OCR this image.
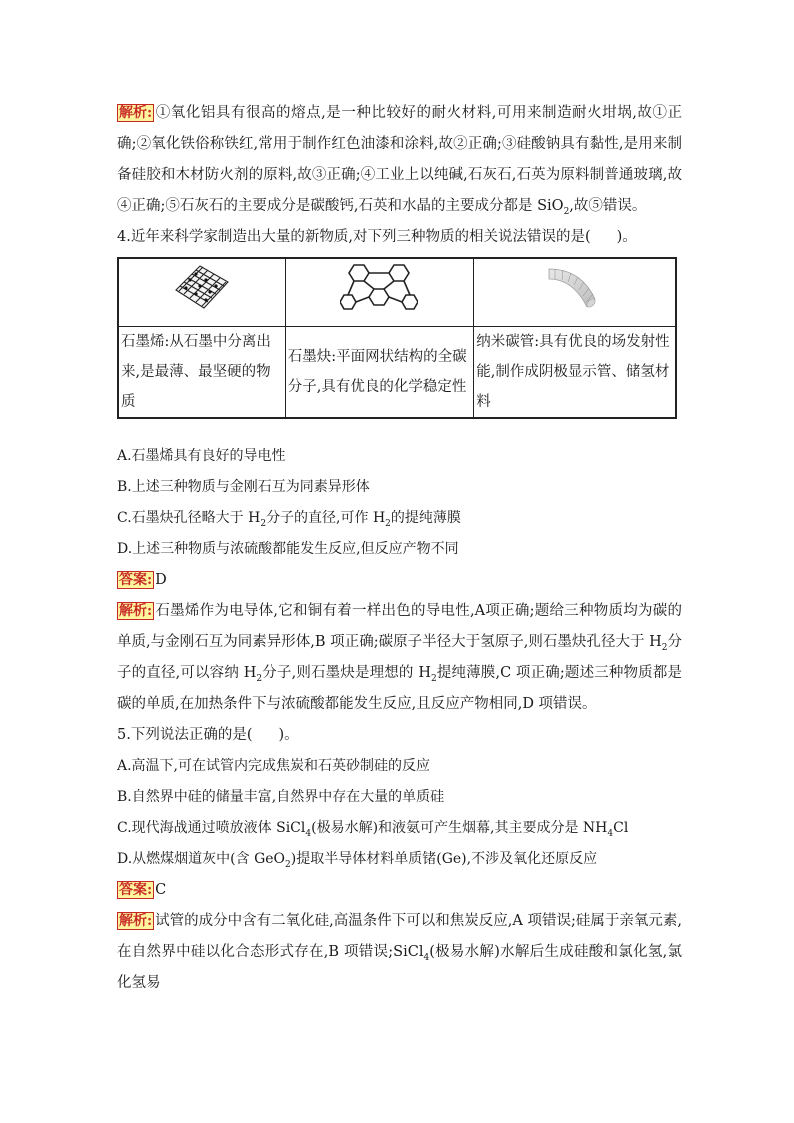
解析: ①氧化铝具有很高的熔点,是一种比较好的耐火材料,可用来制造耐火坩埚,故①正确;②氧化铁俗称铁红,常用于制作红色油漆和涂料,故②正确;③硅酸钠具有黏性,是用来制备硅胶和木材防火剂的原料,故③正确;④工业上以纯碱,石灰石,石英为原料制普通玻璃,故④正确;⑤石灰石的主要成分是碳酸钙,石英和水晶的主要成分都是 SiO$_2$,故⑤错误。

4.近年来科学家制造出大量的新物质,对下列三种物质的相关说法错误的是( )。

石墨烯:从石墨中分离出来,是最薄、最坚硬的物质	石墨炔:平面网状结构的全碳分子,具有优良的化学稳定性	纳米碳管:具有优良的场发射性能,制作成阴极显示管、储氢材料

A.石墨烯具有良好的导电性

B.上述三种物质与金刚石互为同素异形体

C.石墨炔孔径略大于 $H_2$分子的直径,可作 $H_2$的提纯薄膜

D.上述三种物质与浓硫酸都能发生反应,但反应产物不同

答案: D

解析: 石墨烯作为电导体,它和铜有着一样出色的导电性,A项正确;题给三种物质均为碳的单质,与金刚石互为同素异形体,B 项正确;碳原子半径大于氢原子,则石墨炔孔径大于 $H_2$分子的直径,可以容纳 $H_2$分子,则石墨炔是理想的 $H_2$提纯薄膜,C 项正确;题述三种物质都是碳的单质,在加热条件下与浓硫酸都能发生反应,且反应产物相同,D 项错误。

5.下列说法正确的是( )。

A.高温下,可在试管内完成焦炭和石英砂制硅的反应

B.自然界中硅的储量丰富,自然界中存在大量的单质硅

C.现代海战通过喷放液体 SiCl$_4$(极易水解)和液氨可产生烟幕,其主要成分是 $NH_4Cl$

D.从燃煤烟道灰中(含 GeO$_2$)提取半导体材料单质锗(Ge),不涉及氧化还原反应

答案: C

解析: 试管的成分中含有二氧化硅,高温条件下可以和焦炭反应,A 项错误;硅属于亲氧元素,在自然界中硅以化合态形式存在,B 项错误;SiCl$_4$(极易水解)水解后生成硅酸和氯化氢,氯化氢易
